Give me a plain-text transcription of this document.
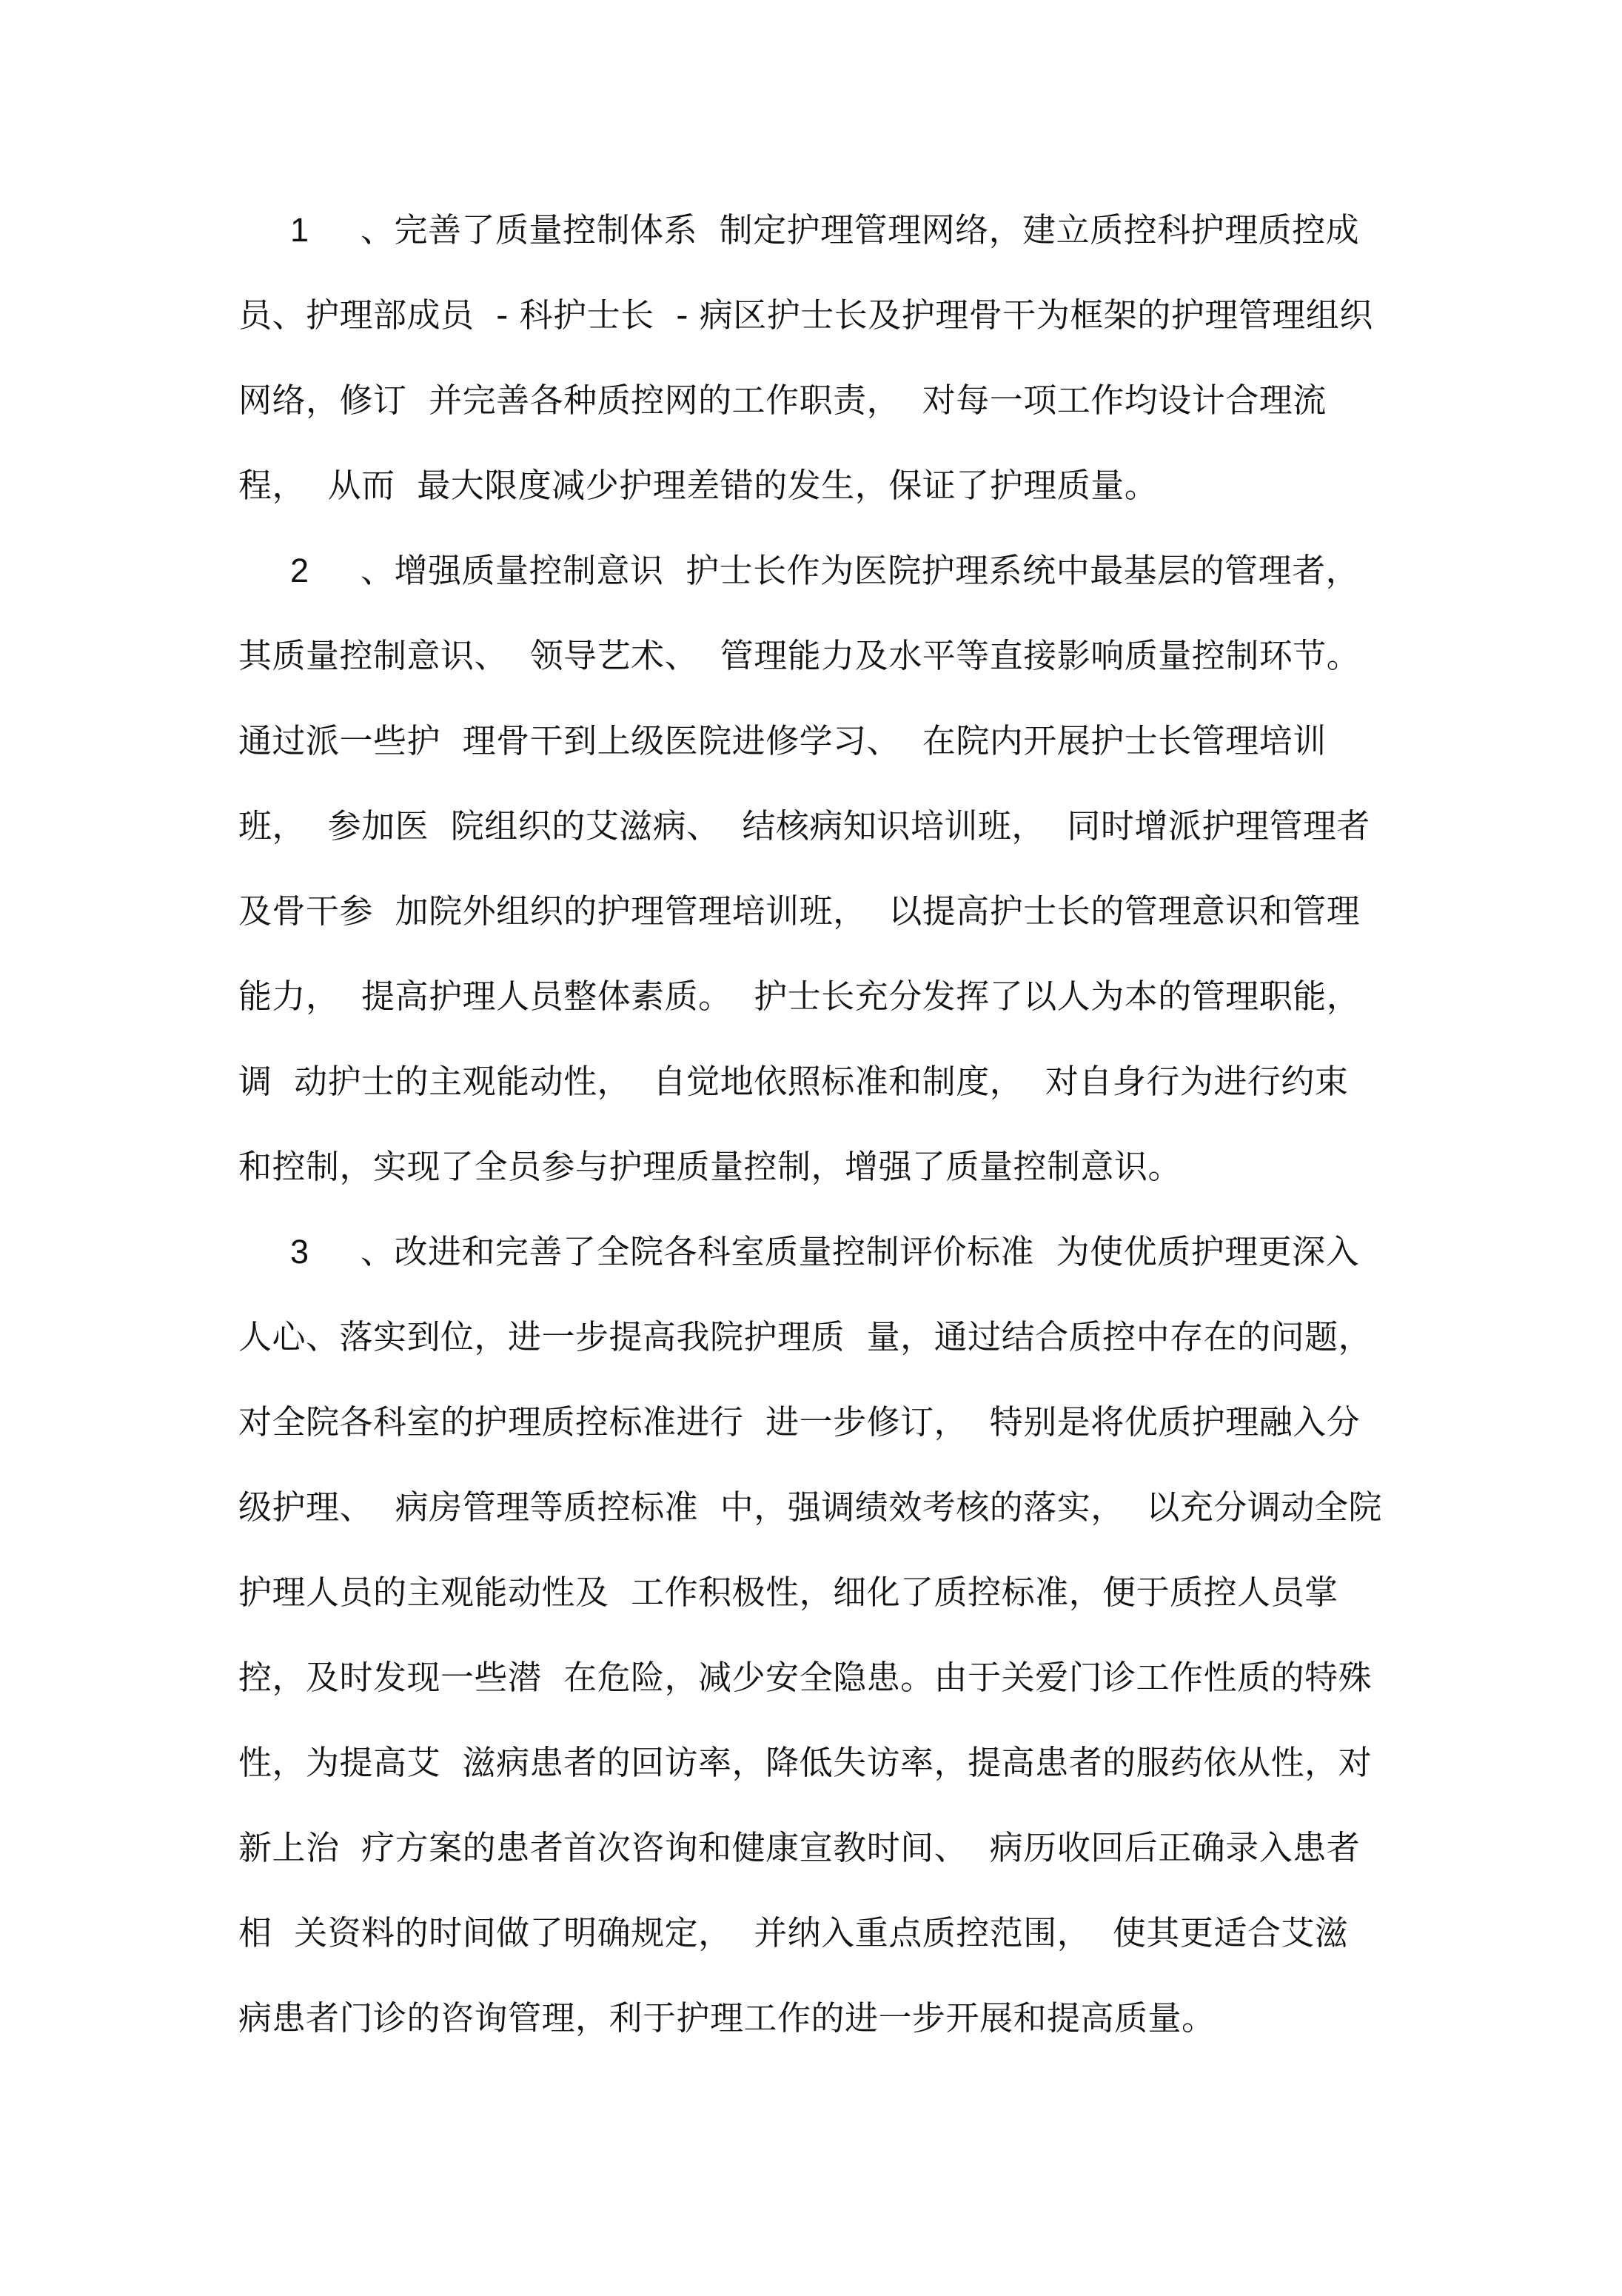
1 、完善了质量控制体系  制定护理管理网络，建立质控科护理质控成
员、护理部成员  - 科护士长  - 病区护士长及护理骨干为框架的护理管理组织
网络，修订  并完善各种质控网的工作职责，  对每一项工作均设计合理流
程，  从而  最大限度减少护理差错的发生，保证了护理质量。
2 、增强质量控制意识  护士长作为医院护理系统中最基层的管理者，
其质量控制意识、  领导艺术、  管理能力及水平等直接影响质量控制环节。
通过派一些护  理骨干到上级医院进修学习、  在院内开展护士长管理培训
班，  参加医  院组织的艾滋病、  结核病知识培训班，  同时增派护理管理者
及骨干参  加院外组织的护理管理培训班，  以提高护士长的管理意识和管理
能力，  提高护理人员整体素质。  护士长充分发挥了以人为本的管理职能，
调  动护士的主观能动性，  自觉地依照标准和制度，  对自身行为进行约束
和控制，实现了全员参与护理质量控制，增强了质量控制意识。
3 、改进和完善了全院各科室质量控制评价标准  为使优质护理更深入
人心、落实到位，进一步提高我院护理质  量，通过结合质控中存在的问题，
对全院各科室的护理质控标准进行  进一步修订，  特别是将优质护理融入分
级护理、  病房管理等质控标准  中，强调绩效考核的落实，  以充分调动全院
护理人员的主观能动性及  工作积极性，细化了质控标准，便于质控人员掌
控，及时发现一些潜  在危险，减少安全隐患。由于关爱门诊工作性质的特殊
性，为提高艾  滋病患者的回访率，降低失访率，提高患者的服药依从性，对
新上治  疗方案的患者首次咨询和健康宣教时间、  病历收回后正确录入患者
相  关资料的时间做了明确规定，  并纳入重点质控范围，  使其更适合艾滋
病患者门诊的咨询管理，利于护理工作的进一步开展和提高质量。
